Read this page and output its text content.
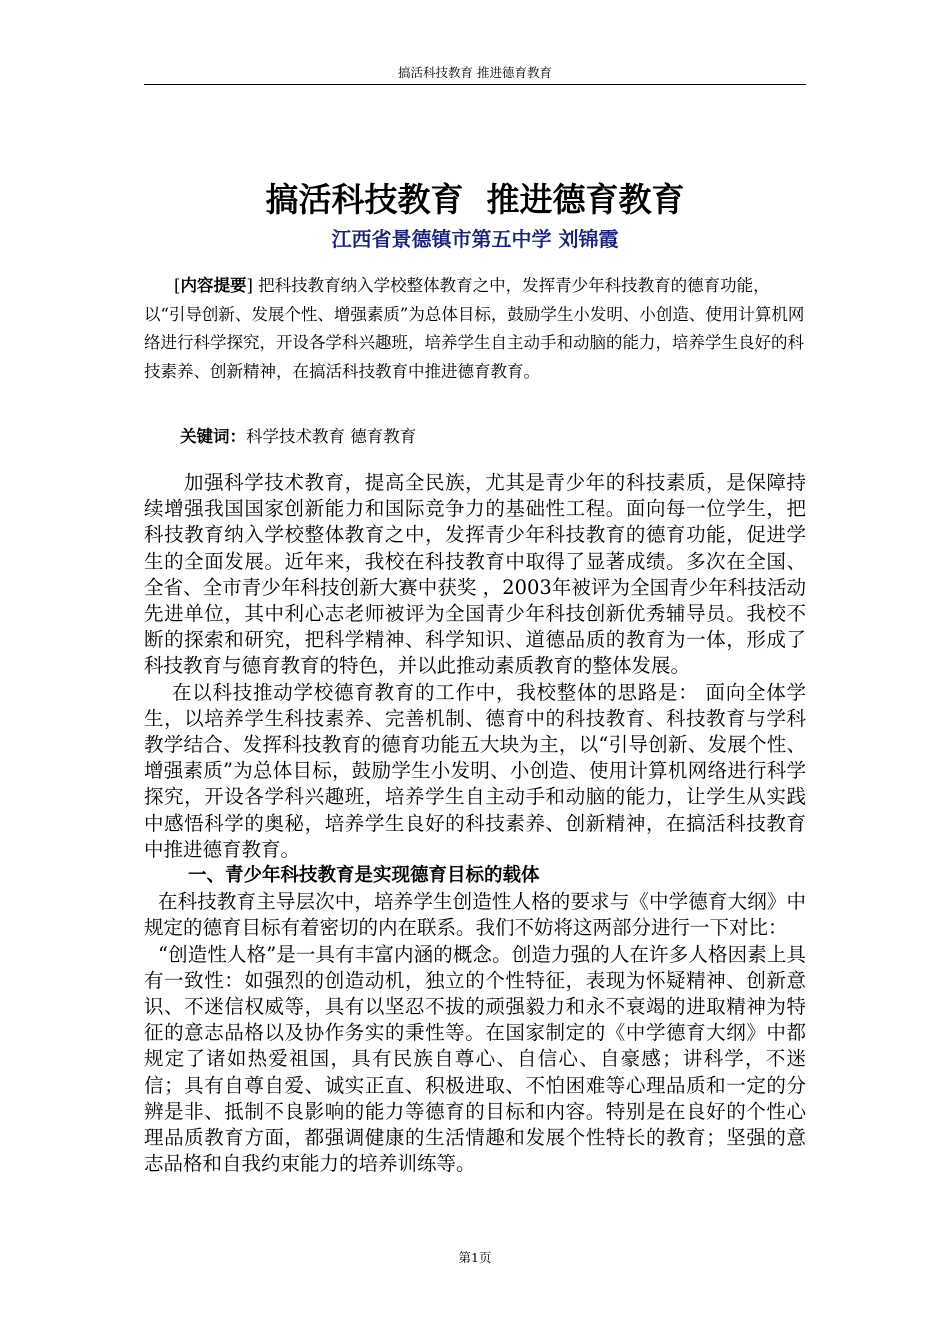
搞活科技教育 推进德育教育
搞活科技教育  推进德育教育
江西省景德镇市第五中学 刘锦霞

[内容提要] 把科技教育纳入学校整体教育之中，发挥青少年科技教育的德育功能，以“引导创新、发展个性、增强素质”为总体目标，鼓励学生小发明、小创造、使用计算机网络进行科学探究，开设各学科兴趣班，培养学生自主动手和动脑的能力，培养学生良好的科技素养、创新精神，在搞活科技教育中推进德育教育。

关键词：科学技术教育 德育教育

加强科学技术教育，提高全民族，尤其是青少年的科技素质，是保障持续增强我国国家创新能力和国际竞争力的基础性工程。面向每一位学生，把科技教育纳入学校整体教育之中，发挥青少年科技教育的德育功能，促进学生的全面发展。近年来，我校在科技教育中取得了显著成绩。多次在全国、全省、全市青少年科技创新大赛中获奖 ，2003年被评为全国青少年科技活动先进单位，其中利心志老师被评为全国青少年科技创新优秀辅导员。我校不断的探索和研究，把科学精神、科学知识、道德品质的教育为一体，形成了科技教育与德育教育的特色，并以此推动素质教育的整体发展。

在以科技推动学校德育教育的工作中，我校整体的思路是： 面向全体学生，以培养学生科技素养、完善机制、德育中的科技教育、科技教育与学科教学结合、发挥科技教育的德育功能五大块为主，以“引导创新、发展个性、增强素质”为总体目标，鼓励学生小发明、小创造、使用计算机网络进行科学探究，开设各学科兴趣班，培养学生自主动手和动脑的能力，让学生从实践中感悟科学的奥秘，培养学生良好的科技素养、创新精神，在搞活科技教育中推进德育教育。

一、青少年科技教育是实现德育目标的载体

在科技教育主导层次中，培养学生创造性人格的要求与《中学德育大纲》中规定的德育目标有着密切的内在联系。我们不妨将这两部分进行一下对比：

“创造性人格”是一具有丰富内涵的概念。创造力强的人在许多人格因素上具有一致性：如强烈的创造动机，独立的个性特征，表现为怀疑精神、创新意识、不迷信权威等，具有以坚忍不拔的顽强毅力和永不衰竭的进取精神为特征的意志品格以及协作务实的秉性等。在国家制定的《中学德育大纲》中都规定了诸如热爱祖国，具有民族自尊心、自信心、自豪感；讲科学，不迷信；具有自尊自爱、诚实正直、积极进取、不怕困难等心理品质和一定的分辨是非、抵制不良影响的能力等德育的目标和内容。特别是在良好的个性心理品质教育方面，都强调健康的生活情趣和发展个性特长的教育；坚强的意志品格和自我约束能力的培养训练等。

第1页
